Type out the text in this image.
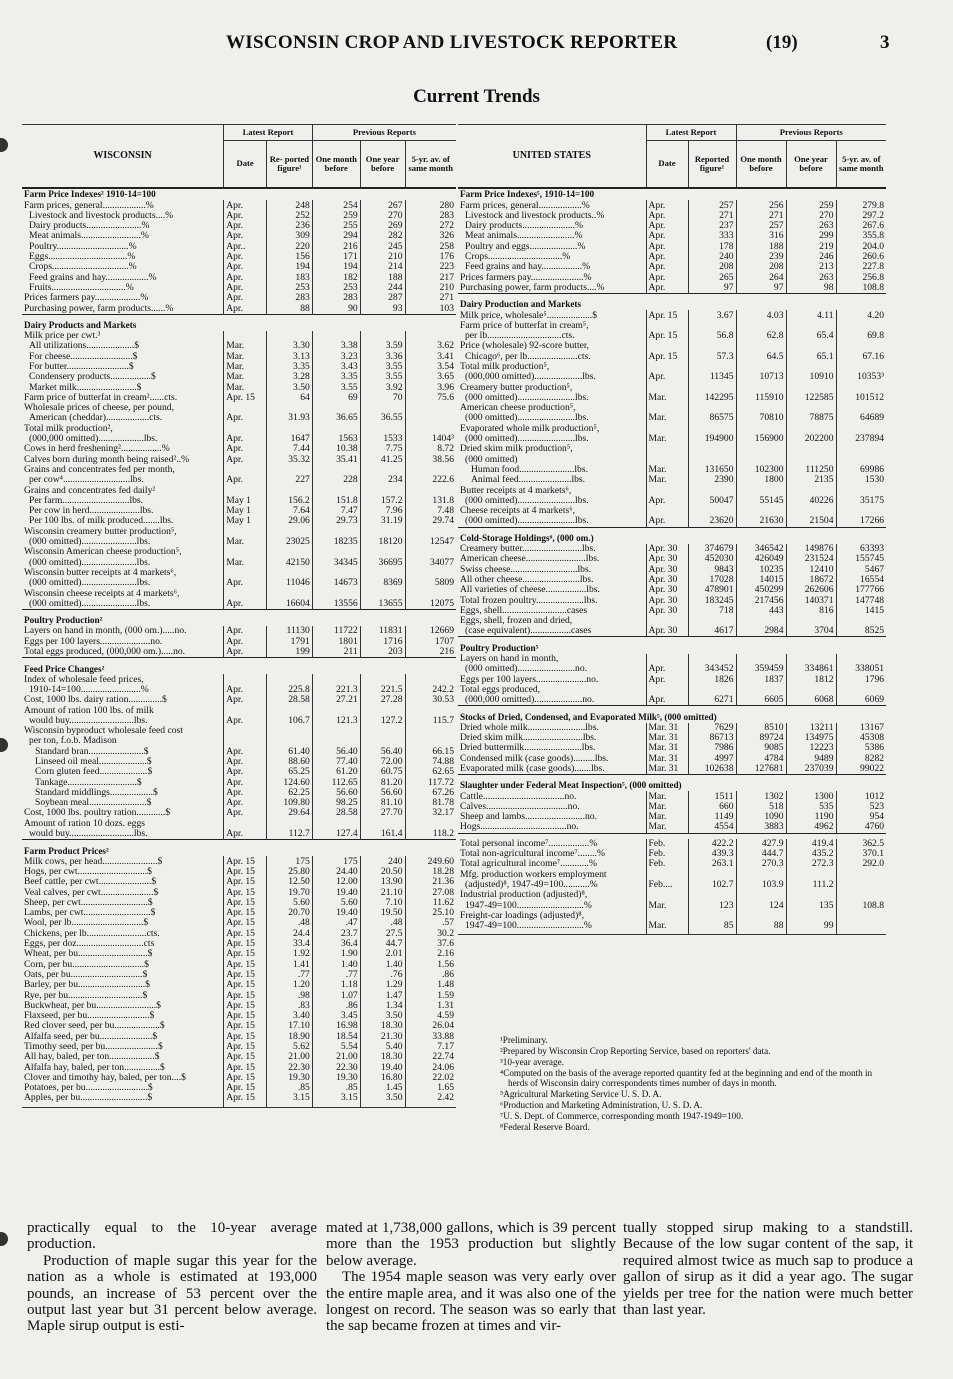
WISCONSIN CROP AND LIVESTOCK REPORTER	(19)	3
Current Trends
WISCONSIN	Latest Report		Previous Reports		
	Date	Re- ported figure¹	One month before	One year before	5-yr. av. of same month
Farm Price Indexes² 1910-14=100					
Farm prices, general..................%	Apr.	248	254	267	280
Livestock and livestock products....%	Apr.	252	259	270	283
Dairy products.......................%	Apr.	236	255	269	272
Meat animals.........................%	Apr.	309	294	282	326
Poultry..............................%	Apr..	220	216	245	258
Eggs.................................%	Apr.	156	171	210	176
Crops................................%	Apr.	194	194	214	223
Feed grains and hay..................%	Apr.	183	182	188	217
Fruits...............................%	Apr.	253	253	244	210
Prices farmers pay...................%	Apr.	283	283	287	271
Purchasing power, farm products......%	Apr.	88	90	93	103
Dairy Products and Markets					
Milk price per cwt.³					
All utilizations....................$	Mar.	3.30	3.38	3.59	3.62
For cheese..........................$	Mar.	3.13	3.23	3.36	3.41
For butter..........................$	Mar.	3.35	3.43	3.55	3.54
Condensery products.................$	Mar.	3.28	3.35	3.55	3.65
Market milk.........................$	Mar.	3.50	3.55	3.92	3.96
Farm price of butterfat in cream²......cts.	Apr. 15	64	69	70	75.6
Wholesale prices of cheese, per pound,					
American (cheddar)..................cts.	Apr.	31.93	36.65	36.55	
Total milk production²,					
(000,000 omitted)...................lbs.	Apr.	1647	1563	1533	1404³
Cows in herd freshening².................%	Apr.	7.44	10.38	7.75	8.72
Calves born during month being raised²..%	Apr.	35.32	35.41	41.25	38.56
Grains and concentrates fed per month,					
per cow⁴............................lbs.	Apr.	227	228	234	222.6
Grains and concentrates fed daily²					
Per farm............................lbs.	May 1	156.2	151.8	157.2	131.8
Per cow in herd.....................lbs.	May 1	7.64	7.47	7.96	7.48
Per 100 lbs. of milk produced.......lbs.	May 1	29.06	29.73	31.19	29.74
Wisconsin creamery butter production⁵,					
(000 omitted).......................lbs.	Mar.	23025	18235	18120	12547
Wisconsin American cheese production⁵,					
(000 omitted).......................lbs.	Mar.	42150	34345	36695	34077
Wisconsin butter receipts at 4 markets⁶,					
(000 omitted).......................lbs.	Apr.	11046	14673	8369	5809
Wisconsin cheese receipts at 4 markets⁶,					
(000 omitted).......................lbs.	Apr.	16604	13556	13655	12075
Poultry Production²					
Layers on hand in month, (000 om.).....no.	Apr.	11130	11722	11831	12669
Eggs per 100 layers.....................no.	Apr.	1791	1801	1716	1707
Total eggs produced, (000,000 om.).....no.	Apr.	199	211	203	216
Feed Price Changes²					
Index of wholesale feed prices,					
1910-14=100.........................%	Apr.	225.8	221.3	221.5	242.2
Cost, 1000 lbs. dairy ration..............$	Apr.	28.58	27.21	27.28	30.53
Amount of ration 100 lbs. of milk					
would buy...........................lbs.	Apr.	106.7	121.3	127.2	115.7
Wisconsin byproduct wholesale feed cost					
per ton, f.o.b. Madison					
Standard bran.......................$	Apr.	61.40	56.40	56.40	66.15
Linseed oil meal....................$	Apr.	88.60	77.40	72.00	74.88
Corn gluten feed....................$	Apr.	65.25	61.20	60.75	62.65
Tankage.............................$	Apr.	124.60	112.65	81.20	117.72
Standard middlings..................$	Apr.	62.25	56.60	56.60	67.26
Soybean meal........................$	Apr.	109.80	98.25	81.10	81.78
Cost, 1000 lbs. poultry ration............$	Apr.	29.64	28.58	27.70	32.17
Amount of ration 10 dozs. eggs					
would buy...........................lbs.	Apr.	112.7	127.4	161.4	118.2
Farm Product Prices²					
Milk cows, per head.......................$	Apr. 15	175	175	240	249.60
Hogs, per cwt.............................$	Apr. 15	25.80	24.40	20.50	18.28
Beef cattle, per cwt......................$	Apr. 15	12.50	12.00	13.90	21.36
Veal calves, per cwt......................$	Apr. 15	19.70	19.40	21.10	27.08
Sheep, per cwt............................$	Apr. 15	5.60	5.60	7.10	11.62
Lambs, per cwt............................$	Apr. 15	20.70	19.40	19.50	25.10
Wool, per lb..............................$	Apr. 15	.48	.47	.48	.57
Chickens, per lb.........................cts.	Apr. 15	24.4	23.7	27.5	30.2
Eggs, per doz............................cts	Apr. 15	33.4	36.4	44.7	37.6
Wheat, per bu.............................$	Apr. 15	1.92	1.90	2.01	2.16
Corn, per bu..............................$	Apr. 15	1.41	1.40	1.40	1.56
Oats, per bu..............................$	Apr. 15	.77	.77	.76	.86
Barley, per bu............................$	Apr. 15	1.20	1.18	1.29	1.48
Rye, per bu...............................$	Apr. 15	.98	1.07	1.47	1.59
Buckwheat, per bu.........................$	Apr. 15	.83	.86	1.34	1.31
Flaxseed, per bu..........................$	Apr. 15	3.40	3.45	3.50	4.59
Red clover seed, per bu...................$	Apr. 15	17.10	16.98	18.30	26.04
Alfalfa seed, per bu......................$	Apr. 15	18.90	18.54	21.30	33.88
Timothy seed, per bu......................$	Apr. 15	5.62	5.54	5.40	7.17
All hay, baled, per ton...................$	Apr. 15	21.00	21.00	18.30	22.74
Alfalfa hay, baled, per ton...............$	Apr. 15	22.30	22.30	19.40	24.06
Clover and timothy hay, baled, per ton....$	Apr. 15	19.30	19.30	16.80	22.02
Potatoes, per bu..........................$	Apr. 15	.85	.85	1.45	1.65
Apples, per bu............................$	Apr. 15	3.15	3.15	3.50	2.42

UNITED STATES	Latest Report		Previous Reports		
	Date	Reported figure¹	One month before	One year before	5-yr. av. of same month
Farm Price Indexes⁵, 1910-14=100					
Farm prices, general..................%	Apr.	257	256	259	279.8
Livestock and livestock products..%	Apr.	271	271	270	297.2
Dairy products......................%	Apr.	237	257	263	267.6
Meat animals........................%	Apr.	333	316	299	355.8
Poultry and eggs....................%	Apr.	178	188	219	204.0
Crops...............................%	Apr.	240	239	246	260.6
Feed grains and hay.................%	Apr.	208	208	213	227.8
Prices farmers pay......................%	Apr.	265	264	263	256.8
Purchasing power, farm products....%	Apr.	97	97	98	108.8
Dairy Production and Markets					
Milk price, wholesale⁵...................$	Apr. 15	3.67	4.03	4.11	4.20
Farm price of butterfat in cream⁵,					
per lb...............................cts.	Apr. 15	56.8	62.8	65.4	69.8
Price (wholesale) 92-score butter,					
Chicago⁶, per lb.....................cts.	Apr. 15	57.3	64.5	65.1	67.16
Total milk production⁵,					
(000,000 omitted)....................lbs.	Apr.	11345	10713	10910	10353³
Creamery butter production⁵,					
(000 omitted)........................lbs.	Mar.	142295	115910	122585	101512
American cheese production⁵,					
(000 omitted)........................lbs.	Mar.	86575	70810	78875	64689
Evaporated whole milk production⁵,					
(000 omitted)........................lbs.	Mar.	194900	156900	202200	237894
Dried skim milk production⁵,					
(000 omitted)					
Human food.......................lbs.	Mar.	131650	102300	111250	69986
Animal feed......................lbs.	Mar.	2390	1800	2135	1530
Butter receipts at 4 markets⁶,					
(000 omitted)........................lbs.	Apr.	50047	55145	40226	35175
Cheese receipts at 4 markets⁶,					
(000 omitted)........................lbs.	Apr.	23620	21630	21504	17266
Cold-Storage Holdings⁶, (000 om.)					
Creamery butter.........................lbs.	Apr. 30	374679	346542	149876	63393
American cheese.........................lbs.	Apr. 30	452030	426049	231524	155745
Swiss cheese............................lbs.	Apr. 30	9843	10235	12410	5467
All other cheese........................lbs.	Apr. 30	17028	14015	18672	16554
All varieties of cheese.................lbs.	Apr. 30	478901	450299	262606	177766
Total frozen poultry....................lbs.	Apr. 30	183245	217456	140371	147748
Eggs, shell...........................cases	Apr. 30	718	443	816	1415
Eggs, shell, frozen and dried,					
(case equivalent).................cases	Apr. 30	4617	2984	3704	8525
Poultry Production⁵					
Layers on hand in month,					
(000 omitted)........................no.	Apr.	343452	359459	334861	338051
Eggs per 100 layers.....................no.	Apr.	1826	1837	1812	1796
Total eggs produced,					
(000,000 omitted)....................no.	Apr.	6271	6605	6068	6069
Stocks of Dried, Condensed, and Evaporated Milk⁵, (000 omitted)					
Dried whole milk........................lbs.	Mar. 31	7629	8510	13211	13167
Dried skim milk.........................lbs.	Mar. 31	86713	89724	134975	45308
Dried buttermilk........................lbs.	Mar. 31	7986	9085	12223	5386
Condensed milk (case goods).........lbs.	Mar. 31	4997	4784	9489	8282
Evaporated milk (case goods).......lbs.	Mar. 31	102638	127681	237039	99022
Slaughter under Federal Meat Inspection⁵, (000 omitted)					
Cattle..................................no.	Mar.	1511	1302	1300	1012
Calves..................................no.	Mar.	660	518	535	523
Sheep and lambs.........................no.	Mar.	1149	1090	1190	954
Hogs....................................no.	Mar.	4554	3883	4962	4760

Total personal income⁷.................%	Feb.	422.2	427.9	419.4	362.5
Total non-agricultural income⁷........%	Feb.	439.3	444.7	435.2	370.1
Total agricultural income⁷............%	Feb.	263.1	270.3	272.3	292.0
Mfg. production workers employment					
(adjusted)⁸, 1947-49=100...........%	Feb....	102.7	103.9	111.2	
Industrial production (adjusted)⁸,					
1947-49=100............................%	Mar.	123	124	135	108.8
Freight-car loadings (adjusted)⁸,					
1947-49=100............................%	Mar.	85	88	99	

¹Preliminary.
²Prepared by Wisconsin Crop Reporting Service, based on reporters' data.
³10-year average.
⁴Computed on the basis of the average reported quantity fed at the beginning and end of the month in herds of Wisconsin dairy correspondents times number of days in month.
⁵Agricultural Marketing Service U. S. D. A.
⁶Production and Marketing Administration, U. S. D. A.
⁷U. S. Dept. of Commerce, corresponding month 1947-1949=100.
⁸Federal Reserve Board.

practically equal to the 10-year average production.

Production of maple sugar this year for the nation as a whole is estimated at 193,000 pounds, an increase of 53 percent over the output last year but 31 percent below average. Maple sirup output is esti-

mated at 1,738,000 gallons, which is 39 percent more than the 1953 production but slightly below average.

The 1954 maple season was very early over the entire maple area, and it was also one of the longest on record. The season was so early that the sap became frozen at times and vir-

tually stopped sirup making to a standstill. Because of the low sugar content of the sap, it required almost twice as much sap to produce a gallon of sirup as it did a year ago. The sugar yields per tree for the nation were much better than last year.
